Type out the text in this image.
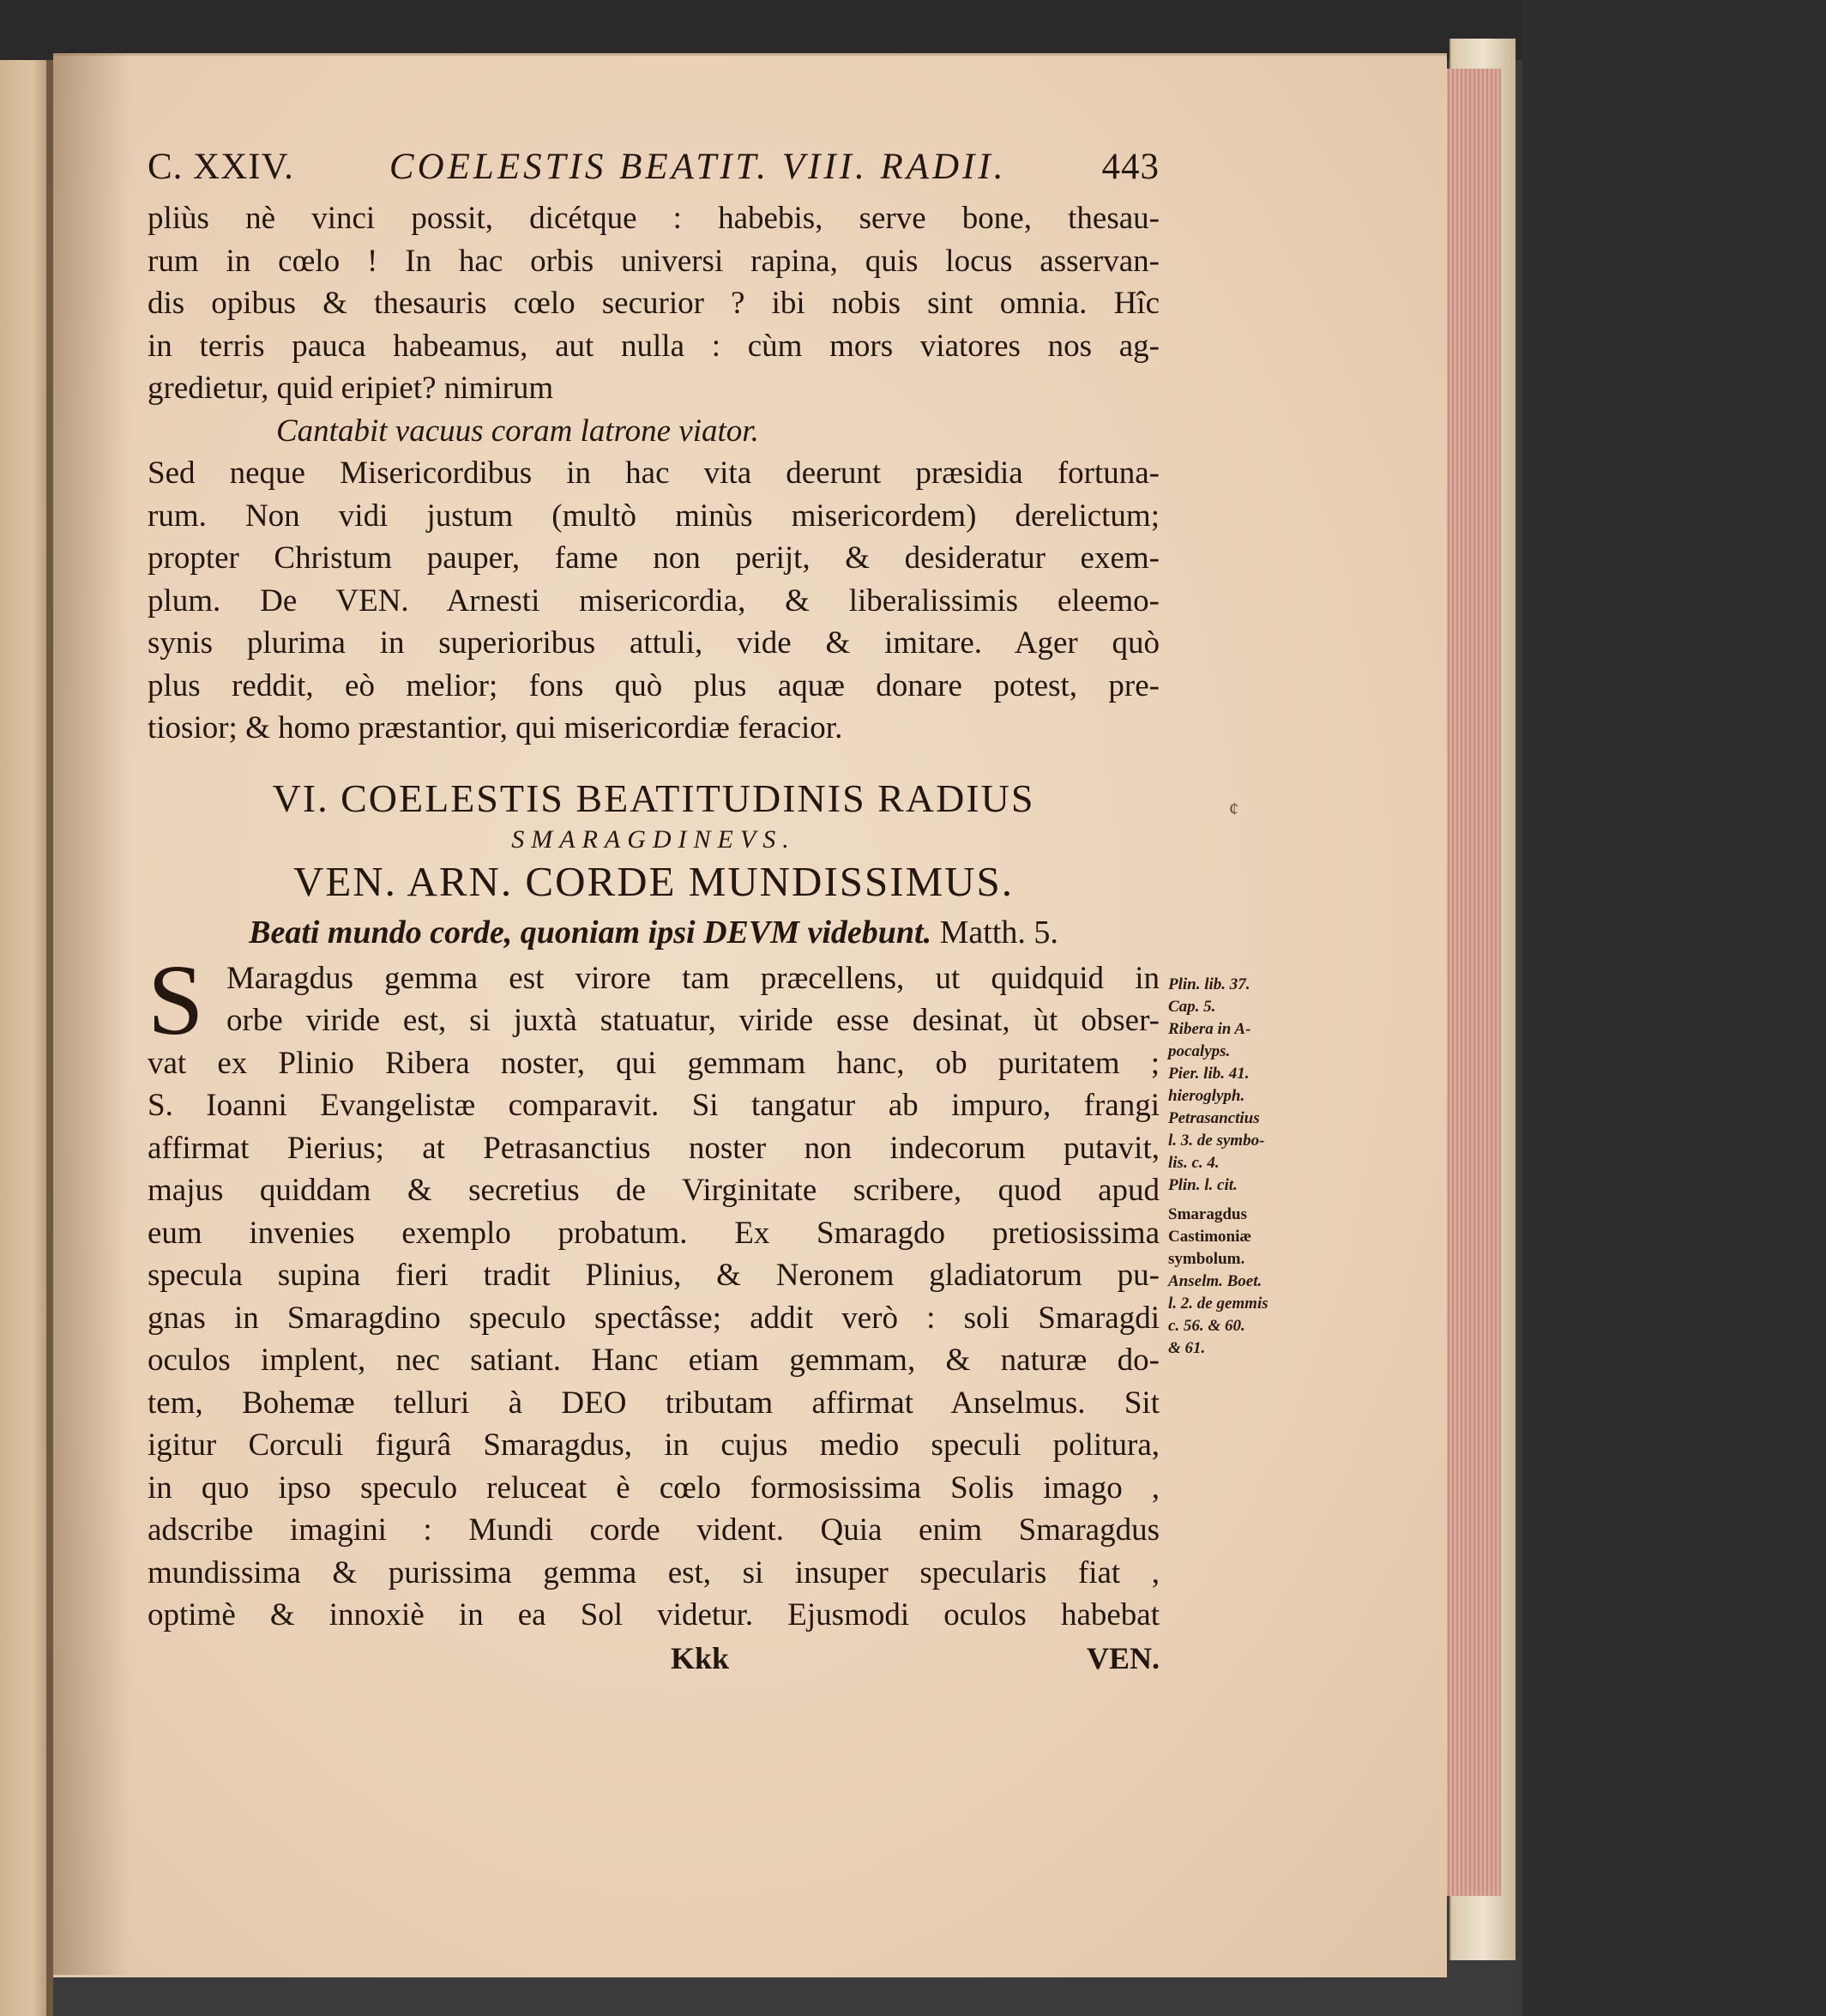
C. XXIV.	COELESTIS BEATIT. VIII. RADII.	443
pliùs nè vinci possit, dicétque : habebis, serve bone, thesau-
rum in cœlo ! In hac orbis universi rapina, quis locus asservan-
dis opibus & thesauris cœlo securior ? ibi nobis sint omnia. Hîc
in terris pauca habeamus, aut nulla : cùm mors viatores nos ag-
gredietur, quid eripiet? nimirum
Cantabit vacuus coram latrone viator.
Sed neque Misericordibus in hac vita deerunt præsidia fortuna-
rum. Non vidi justum (multò minùs misericordem) derelictum;
propter Christum pauper, fame non perijt, & desideratur exem-
plum. De VEN. Arnesti misericordia, & liberalissimis eleemo-
synis plurima in superioribus attuli, vide & imitare. Ager quò
plus reddit, eò melior; fons quò plus aquæ donare potest, pre-
tiosior; & homo præstantior, qui misericordiæ feracior.
VI. COELESTIS BEATITUDINIS RADIUS
SMARAGDINEVS.
VEN. ARN. CORDE MUNDISSIMUS.
Beati mundo corde, quoniam ipsi DEVM videbunt. Matth. 5.
S Maragdus gemma est virore tam præcellens, ut quidquid in
orbe viride est, si juxtà statuatur, viride esse desinat, ùt obser-
vat ex Plinio Ribera noster, qui gemmam hanc, ob puritatem ;
S. Ioanni Evangelistæ comparavit. Si tangatur ab impuro, frangi
affirmat Pierius; at Petrasanctius noster non indecorum putavit,
majus quiddam & secretius de Virginitate scribere, quod apud
eum invenies exemplo probatum. Ex Smaragdo pretiosissima
specula supina fieri tradit Plinius, & Neronem gladiatorum pu-
gnas in Smaragdino speculo spectâsse; addit verò : soli Smaragdi
oculos implent, nec satiant. Hanc etiam gemmam, & naturæ do-
tem, Bohemæ telluri à DEO tributam affirmat Anselmus. Sit
igitur Corculi figurâ Smaragdus, in cujus medio speculi politura,
in quo ipso speculo reluceat è cœlo formosissima Solis imago ,
adscribe imagini : Mundi corde vident. Quia enim Smaragdus
mundissima & purissima gemma est, si insuper specularis fiat ,
optimè & innoxiè in ea Sol videtur. Ejusmodi oculos habebat
Kkk	VEN.
¢
Plin. lib. 37.
Cap. 5.
Ribera in A-
pocalyps.
Pier. lib. 41.
hieroglyph.
Petrasanctius
l. 3. de symbo-
lis. c. 4.
Plin. l. cit.
Smaragdus
Castimoniæ
symbolum.
Anselm. Boet.
l. 2. de gemmis
c. 56. & 60.
& 61.
